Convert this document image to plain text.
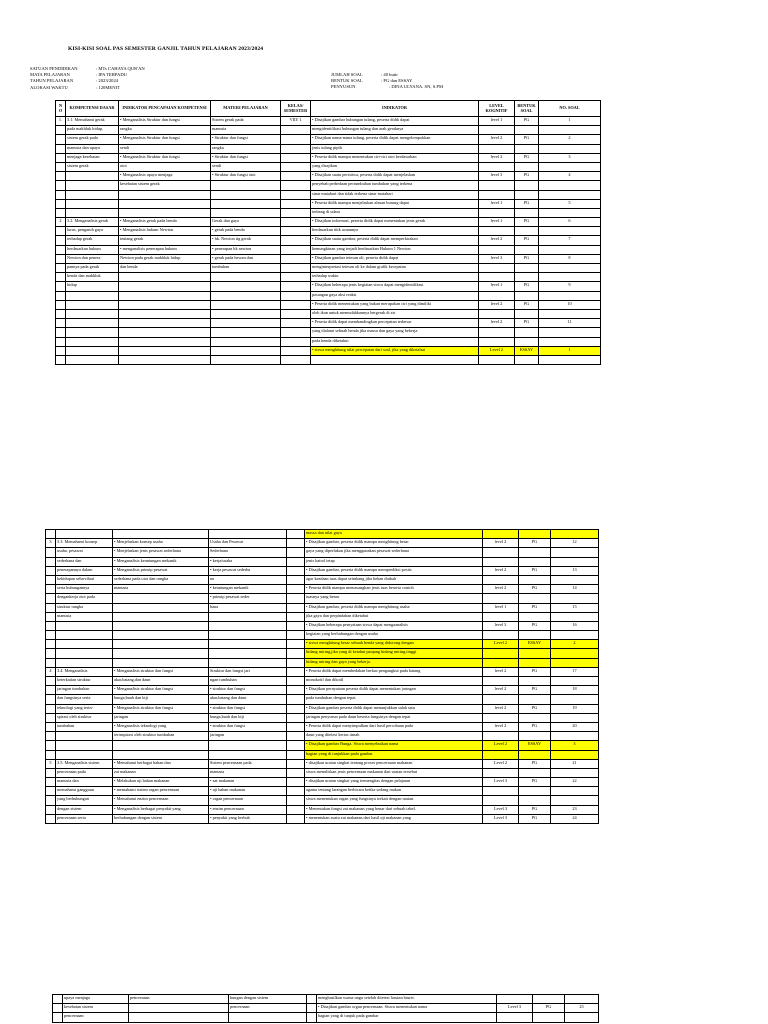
KISI-KISI SOAL PAS SEMESTER GANJIL TAHUN PELAJARAN 2023/2024
SATUAN PENDIDIKAN	: MTs CAHAYA QUR'AN
MATA PELAJARAN	: IPA TERPADU
TAHUN PELAJARAN	: 2023/2024
ALOKASI WAKTU	: 120MENIT
JUMLAH SOAL	: 40 butir
BENTUK SOAL	: PG dan ESSAY
PENYUSUN	: DINA ULYANA. SN, S.PM
N O	KOMPETENSI DASAR	INDIKATOR PENCAPAIAN KOMPETENSI	MATERI PELAJARAN	KELAS/ SEMESTER	INDIKATOR	LEVEL KOGNITIF	BENTUK SOAL	NO. SOAL
1.	3.1. Memahami gerak	• Menganalisis Struktur dan fungsi	Sistem gerak pada	VIII/ 1	• Disajikan gambar hubungan tulang, peserta didik dapat	level 1	PG	1
	pada makhluk hidup,	rangka	manusia		mengidentifikasi hubungan tulang dan arah geraknya			
	sistem gerak pada	• Menganalisis Struktur dan fungsi	• Struktur dan fungsi		• Disajikan nama-nama tulang, peserta didik dapat mengelompokkan	level 2	PG	2
	manusia dan upaya	sendi	rangka		jenis tulang pipih			
	menjaga kesehatan	• Menganalisis Struktur dan fungsi	• Struktur dan fungsi		• Peserta didik mampu menentukan ciri-ciri otot berdasarkan	level 2	PG	3
	sistem gerak	otot	sendi		yang disajikan			
		• Menganalisis upaya menjaga	• Struktur dan fungsi otot		• Disajikan suatu peristiwa, peserta didik dapat menjelaskan	level 3	PG	4
		kesehatan sistem gerak			penyebab perbedaan pertumbuhan tumbuhan yang terkena			
					sinar matahari dan tidak terkena sinar matahari			
					• Peserta didik mampu menjelaskan alasan burung dapat	level 1	PG	5
					terbang di udara			
2	3.2. Menganalisis gerak	• Menganalisis gerak pada benda	Gerak dan gaya		• Disajikan informasi, peserta didik dapat menentukan jenis gerak	level 1	PG	6
	lurus, pengaruh gaya	• Menganalisis hukum Newton	• gerak pada benda		berdasarkan titik acuannya			
	terhadap gerak	tentang gerak	• hk. Newton ttg gerak		• Disajikan suatu gambar, peserta didik dapat memperkirakan	level 2	PG	7
	berdasarkan hukum	• menganalisis penerapan hukum	• penerapan hk newton		kemungkinan yang terjadi berdasarkan Hukum 1 Newton			
	Newton dan penera	Newton pada gerak makhluk hidup	• gerak pada hewan dan		• Disajikan gambar tetesan oli, peserta didik dapat	level 3	PG	8
	pannya pada gerak	dan benda	tumbuhan		menginterpretasi tetesan oli ke dalam grafik kecepatan			
	benda dan makhluk				terhadap waktu			
	hidup				• Disajikan beberapa jenis kegiatan siswa dapat mengidentifikasi	level 1	PG	9
					pasangan gaya aksi reaksi			
					• Peserta didik menentukan yang bukan merupakan ciri yang dimiliki	level 2	PG	10
					oleh ikan untuk memudahkannya bergerak di air			
					• Peserta didik dapat membandingkan percepatan terbesar	level 2	PG	11
					yang dialami sebuah benda jika massa dan gaya yang bekerja			
					pada benda diketahui			
					• siswa menghitung nilai percepatan dari soal, jika yang diketahui	Level 2	ESSAY	1

					massa dan nilai gaya			
3	3.3. Memahami konsep	• Menjelaskan konsep usaha	Usaha dan Pesawat		• Disajikan gambar, peserta didik mampu menghitung besar	level 2	PG	12
	usaha, pesawat	• Menjelaskan jenis pesawat sederhana	Sederhana		gaya yang diperlukan jika menggunakan pesawat sederhana			
	sederhana dan	• Menganalisis keuntungan mekanik	• kerja/usaha		jenis katrol tetap			
	penerapannya dalam	• Menganalisis prinsip pesawat	• kerja pesawat sederha		• Disajikan gambar, peserta didik mampu memprediksi posisi	level 2	PG	13
	kehidupan seha-rihari	sederhana pada otot dan rangka	na		agar keadaan tuas dapat seimbang jika beban diubah			
	serta hubungannya	manusia	• keuntungan mekanik		• Peserta didik mampu memasangkan jenis tuas beserta contoh	level 2	PG	14
	dengankerja otot pada		• prinsip pesawat seder		tuasnya yang benar			
	struktur rangka		hana		• Disajikan gambar, peserta didik mampu menghitung usaha	level 1	PG	15
	manusia				jika gaya dan perpindahan diketahui			
					• Disajikan beberapa pernyataan siswa dapat mengaanalisis	level 3	PG	16
					kegiatan yang berhubungan dengan usaha			
					• siswa menghitung besar sebuah benda yang didorong dengan	Level 2	ESSAY	2
					bidang miring,jika yang di ketahui panjang bidang miring,tinggi			
					bidang miring dan gaya yang bekerja.			
4	3.4. Menganalisis	• Menganalisis struktur dan fungsi	Struktur dan fungsi jari		• Peserta didik dapat membedakan berkas pengangkut pada batang	level 2	PG	17
	keterkaitan struktur	akar,batang,dan daun	ngan tumbuhan		monokotil dan dikotil			
	jaringan tumbuhan	• Menganalisis struktur dan fungsi	• struktur dan fungsi		• Disajikan pernyataan peserta didik dapat menentukan jaringan	level 2	PG	18
	dan fungsinya serta	bunga,buah dan biji	akar,batang dan daun		pada tumbuhan dengan tepat.			
	teknologi yang terin-	• Menganalisis struktur dan fungsi	• struktur dan fungsi		• Disajikan gambar peserta didik dapat menunjukkan salah satu	level 2	PG	19
	spirasi oleh struktur	jaringan	bunga,buah dan biji		jaringan penyusun pada daun beserta fungsinya dengan tepat			
	tumbuhan	• Menganalisis teknologi yang	• struktur dan fungsi		• Peserta didik dapat menyimpulkan dari hasil percobaan pada	level 2	PG	20
		terinspirasi oleh struktur tumbuhan	jaringan		daun yang ditetesi kertas timah			
					• Disajikan gambar Bunga. Siswa menyebutkan nama	Level 2	ESSAY	3
					bagian yang di tunjukkan pada gambar			
5	3.5. Menganalisis sistem	• Memahami berbagai bahan dan	Sistem pencernaan pada		• disajikan uraian singkat tentang proses pencernaan makanan	Level 2	PG	21
	pencernaan pada	zat makanan	manusia		siswa menuliskan jenis pencernaan makanan dari uraian tersebut			
	manusia dan	• Melakukan uji bahan makanan	• zat makanan		• disajikan uraian singkat yang termengitas dengan pelajaran	Level 3	PG	22
	memahami gangguan	• memahami sistem organ pencernaan	• uji bahan makanan		agama tentang larangan berbicara ketika sedang makan			
	yang berhubungan	• Memahami enzim pencernaan	• organ pencernaan		siswa menentukan organ yang fungsinya terkait dengan uraian.			
	dengan sistem	• Menganalisis berbagai penyakit yang	• enzim pencernaan		• Menentukan fungsi zat makanan yang benar dari sebuah tabel.	Level 3	PG	23
	pencernaan serta	berhubungan dengan sistem	• penyakit yang berhub		• menentukan suatu zat makanan,dari hasil uji makanan yang	Level 3	PG	24
	upaya menjaga	pencernaan	bungan dengan sistem		menghasilkan warna ungu setelah ditetesi larutan biuret.			
	kesehatan sistem		pencernaan		• Disajikan gambar organ pencernaan. Siswa menentukan nama	Level 3	PG	25
	pencernaan				bagian yang di tunjuk pada gambar			
